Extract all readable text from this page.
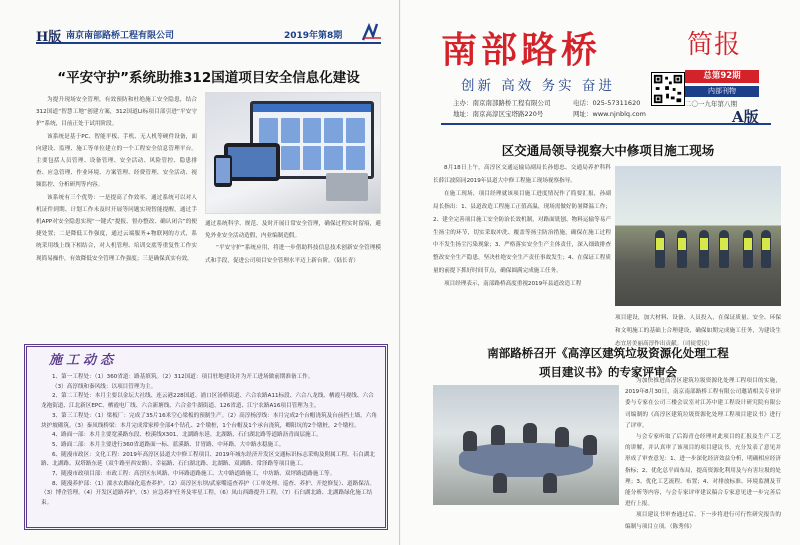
H版 南京南部路桥工程有限公司	2019年第8期
“平安守护”系统助推312国道项目安全信息化建设

为提升现场安全管理，有效预防和杜绝施工安全隐患，结合312国道“智慧工地”创建方案，312国道LI标项目部引进“平安守护”系统，目前正处于试用阶段。

该系统是基于PC、智能平板、手机、无人机等硬件设备，面向建设、监理、施工等单位建立的一个工程安全信息管理平台。主要包括人员管理、设备管理、安全活动、风险管控、隐患排查、应急管理、作业环境、方案管理、经费管理、安全活动、视频监控、分析研判等内容。

该系统有三个优势：一是提高了作效率。通过系统可以对人机证件到期、计划工作未及时开展等问题实现智能提醒，通过手机APP对安全隐患实现“一键式”提报、督办整改、确认闭合”的便捷处置；二是降低工作强度，通过云端服务+物联网的方式，系统采用线上线下相结合，对人机管理、培训交底等重复性工作实现简易操作，有效降低安全管理工作强度；三是确保真实有效，

通过系统科学、规范、及时开展日常安全管理，确保过程实时留痕，避免外业安全活动造假，内业编制造假。

“平安守护”系统应用，将进一步借助科技信息技术创新安全管理模式和手段，促进公司项目安全管理水平迈上新台阶。（陆长青）

施工动态

1、第一工程处：（1）360省道：路基填筑。（2）312国道：项目驻地建设并为开工进场做前期准备工作。

（3）高淳线和秦风线：以项目管理为主。

2、第二工程处：本月主要以金坛大社线、连云港228国道、浦口区汤桥街道、六合农路A11标段、六合八龙线、栖霞马观线、六合龙袍街道、江北新区EPC、栖霞电厂线、六合新塘线、六合金牛湖街道、126省道、江宁农路A16项目管理为主。

3、第三工程处：（1）梁板厂：完成了35片16米空心梁板的预制生产。（2）高淳杨淳线：本月完成2个台帽浇筑及台前挡土墙，六角块护坡砌筑。（3）秦凤线桥梁：本月完成常家桥全部4个钻孔、2个墩桩，1个台帽及1个承台浇筑，卿阳坑的2个墩桩，2个墩柱。

4、路面一部：本月主要宽溪路东段、校溪线X301、北湖路东延、北湖路、石臼湖北路等道路沥青面层施工。

5、路面二部：本月主要进行360省道路面一标、蓝溪路、甘胃路、中环路、大中路水稳施工。

6、随漫市政区：文化工程：2019年高淳区县道大中修工程项目、2019年城东经济开发区交通标识标志采购及附属工程、石白湖北路、北湖路、双塔路东延（双牛路至西安路）、幸福路、石臼湖北路、北湖路、双湖路、常泽路等项目施工。

7、随漫市政项目部：市政工程：高淳区东风路、中环路道路施工、大中路道路施工，中坊路、双坪路道路施工等。

8、随漫养护部：（1）溧水农路绿化巡查养护。（2）高淳区东坝/武家嘴巡查养护（工单处理、巡查、养护、开挖修复）、道路保洁。（3）博企管理。（4）开发区道路养护。（5）应急养护任务及零星工程。（6）凤山西路提升工程。（7）石臼湖北路、北湖路绿化施工结束。

南部路桥	简报
创新 高效 务实 奋进
总第92期
内部刊物
二〇一九年第八期
A版
主办：南京南部路桥工程有限公司
地址：南京高淳区宝塔路220号
电话：025-57311620
网址：www.njnblq.com
区交通局领导视察大中修项目施工现场

8月18日上午，高淳区交通运输局副局长孙德忠、交通局养护科科长薛江波陪同2019年县道大中修工程施工现场视察指导。

在施工现场，项目经理就该项目施工进度情况作了简要汇报，孙副局长指出：1、县道改造工程施工正值高温，现场需做好防暑降温工作；2、建全完善项目施工安全防治长效机制，对路面铣刨、物料运输等易产生扬尘的环节，切实采取冲洗、覆盖等扬尘防治措施，确保在施工过程中不发生扬尘污染现象；3、严格落实安全生产主体责任，深入细致排查整改安全生产隐患，坚决杜绝安全生产责任事故发生；4、在保证工程质量的前提下抓好时间节点，确保圆满完成施工任务。

项目经理表示，南部路桥高度重视2019年县道改造工程

项目建设，加大材料、设备、人员投入，在保证质量、安全、环保和文明施工的基础上合理建设，确保如期完成施工任务，为建设生态宜居美丽高淳作出贡献。（司徒爱民）

南部路桥召开《高淳区建筑垃圾资源化处理工程
项目建议书》的专家评审会

为加快推进高淳区建筑垃圾资源化处理工程项目的实施，2019年8月30日，南京南部路桥工程有限公司邀请相关专业评委与专家在公司三楼会议室对江苏中建工程设计研究院有限公司编制的《高淳区建筑垃圾资源化处理工程项目建议书》进行了评审。

与会专家听取了后海青仓经理对此项目的汇报及生产工艺的讲解，并认真审了该项目的项目建议书，充分发表了意见并形成了审查意见：1、进一步深化经济效益分析，明确相应经济指标；2、优化总平面布局，提高资源化利用及与有害垃圾的处理；3、优化工艺流程、布置；4、对排放标准、环境监测及节能分析等内容，与会专家评审建议稿合专家意见进一步完善后进行上报。

项目建议书审查通过后，下一步将进行可行性研究报告的编制与项目立项。（陈秀伟）
